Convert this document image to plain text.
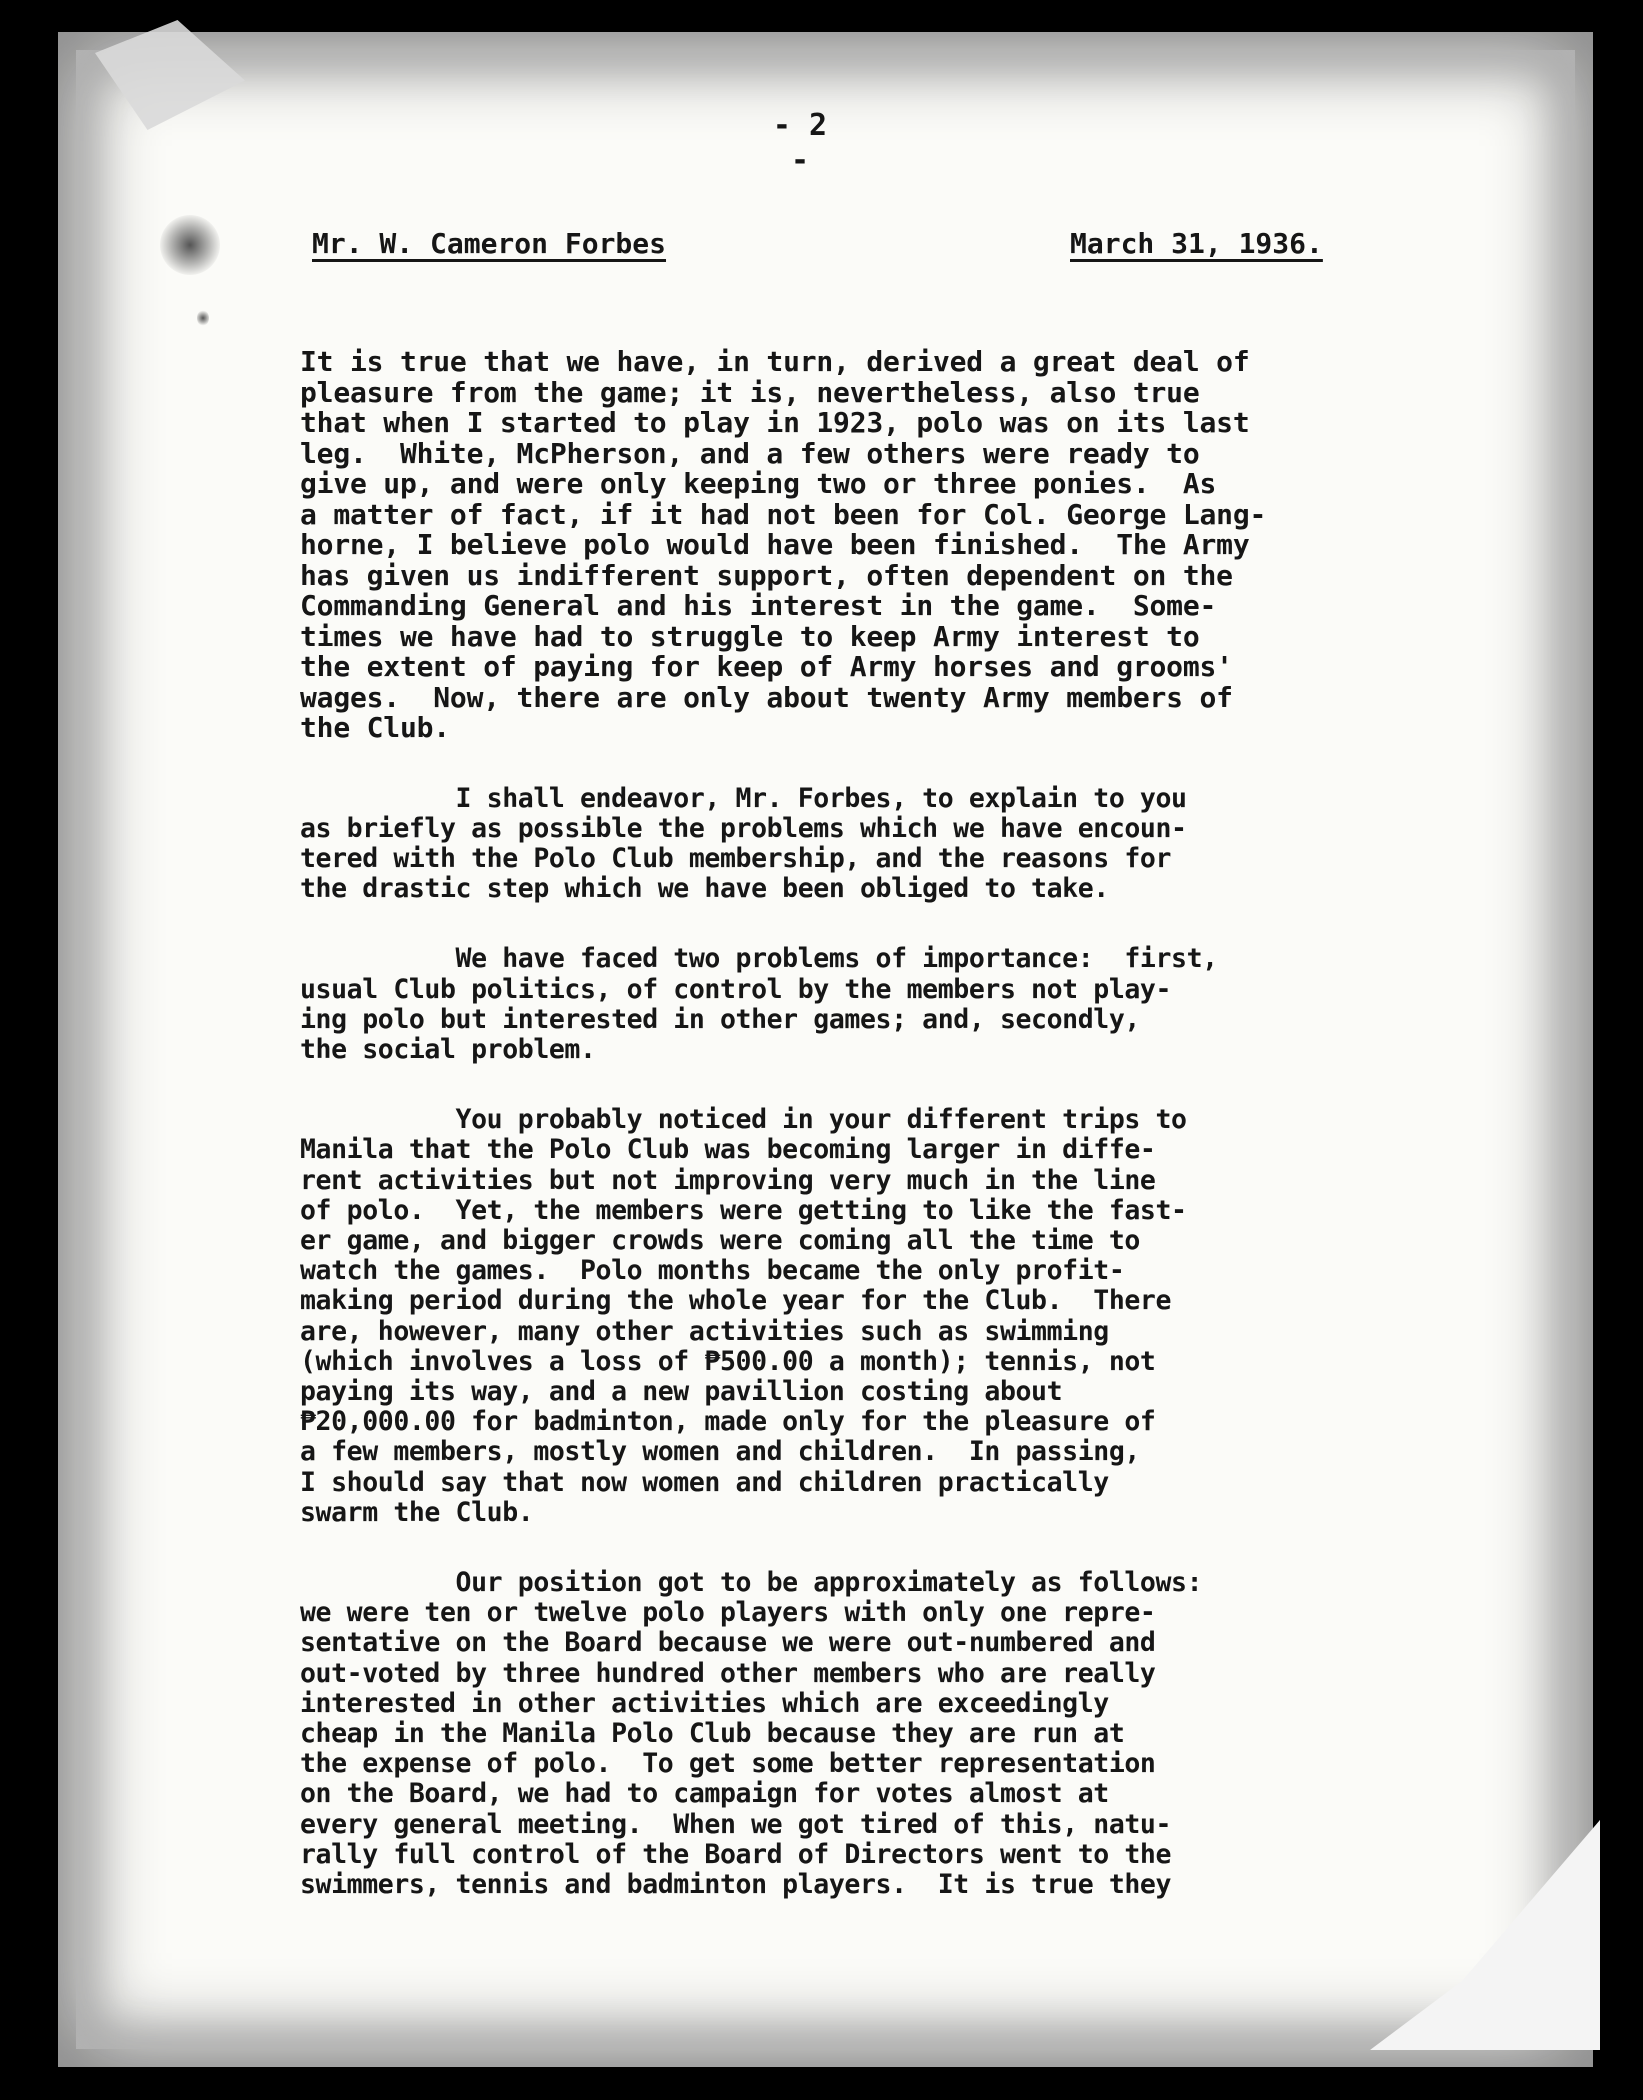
- 2 -
Mr. W. Cameron Forbes	March 31, 1936.
It is true that we have, in turn, derived a great deal of
pleasure from the game; it is, nevertheless, also true
that when I started to play in 1923, polo was on its last
leg.  White, McPherson, and a few others were ready to
give up, and were only keeping two or three ponies.  As
a matter of fact, if it had not been for Col. George Lang-
horne, I believe polo would have been finished.  The Army
has given us indifferent support, often dependent on the
Commanding General and his interest in the game.  Some-
times we have had to struggle to keep Army interest to
the extent of paying for keep of Army horses and grooms'
wages.  Now, there are only about twenty Army members of
the Club.
I shall endeavor, Mr. Forbes, to explain to you
as briefly as possible the problems which we have encoun-
tered with the Polo Club membership, and the reasons for
the drastic step which we have been obliged to take.
We have faced two problems of importance:  first,
usual Club politics, of control by the members not play-
ing polo but interested in other games; and, secondly,
the social problem.
You probably noticed in your different trips to
Manila that the Polo Club was becoming larger in diffe-
rent activities but not improving very much in the line
of polo.  Yet, the members were getting to like the fast-
er game, and bigger crowds were coming all the time to
watch the games.  Polo months became the only profit-
making period during the whole year for the Club.  There
are, however, many other activities such as swimming
(which involves a loss of ₱500.00 a month); tennis, not
paying its way, and a new pavillion costing about
₱20,000.00 for badminton, made only for the pleasure of
a few members, mostly women and children.  In passing,
I should say that now women and children practically
swarm the Club.
Our position got to be approximately as follows:
we were ten or twelve polo players with only one repre-
sentative on the Board because we were out-numbered and
out-voted by three hundred other members who are really
interested in other activities which are exceedingly
cheap in the Manila Polo Club because they are run at
the expense of polo.  To get some better representation
on the Board, we had to campaign for votes almost at
every general meeting.  When we got tired of this, natu-
rally full control of the Board of Directors went to the
swimmers, tennis and badminton players.  It is true they
